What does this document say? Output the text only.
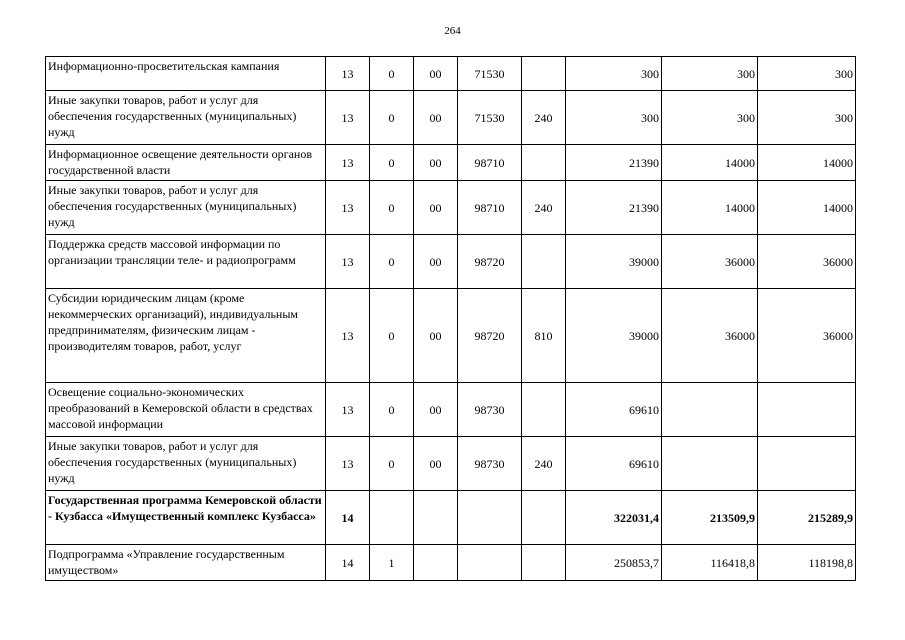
264
Информационно-просветительская кампания	13	0	00	71530		300	300	300
Иные закупки товаров, работ и услуг для обеспечения государственных (муниципальных) нужд	13	0	00	71530	240	300	300	300
Информационное освещение деятельности органов государственной власти	13	0	00	98710		21390	14000	14000
Иные закупки товаров, работ и услуг для обеспечения государственных (муниципальных) нужд	13	0	00	98710	240	21390	14000	14000
Поддержка средств массовой информации по организации трансляции теле- и радиопрограмм	13	0	00	98720		39000	36000	36000
Субсидии юридическим лицам (кроме некоммерческих организаций), индивидуальным предпринимателям, физическим лицам - производителям товаров, работ, услуг	13	0	00	98720	810	39000	36000	36000
Освещение социально-экономических преобразований в Кемеровской области в средствах массовой информации	13	0	00	98730		69610		
Иные закупки товаров, работ и услуг для обеспечения государственных (муниципальных) нужд	13	0	00	98730	240	69610		
Государственная программа Кемеровской области - Кузбасса «Имущественный комплекс Кузбасса»	14					322031,4	213509,9	215289,9
Подпрограмма «Управление государственным имуществом»	14	1				250853,7	116418,8	118198,8
